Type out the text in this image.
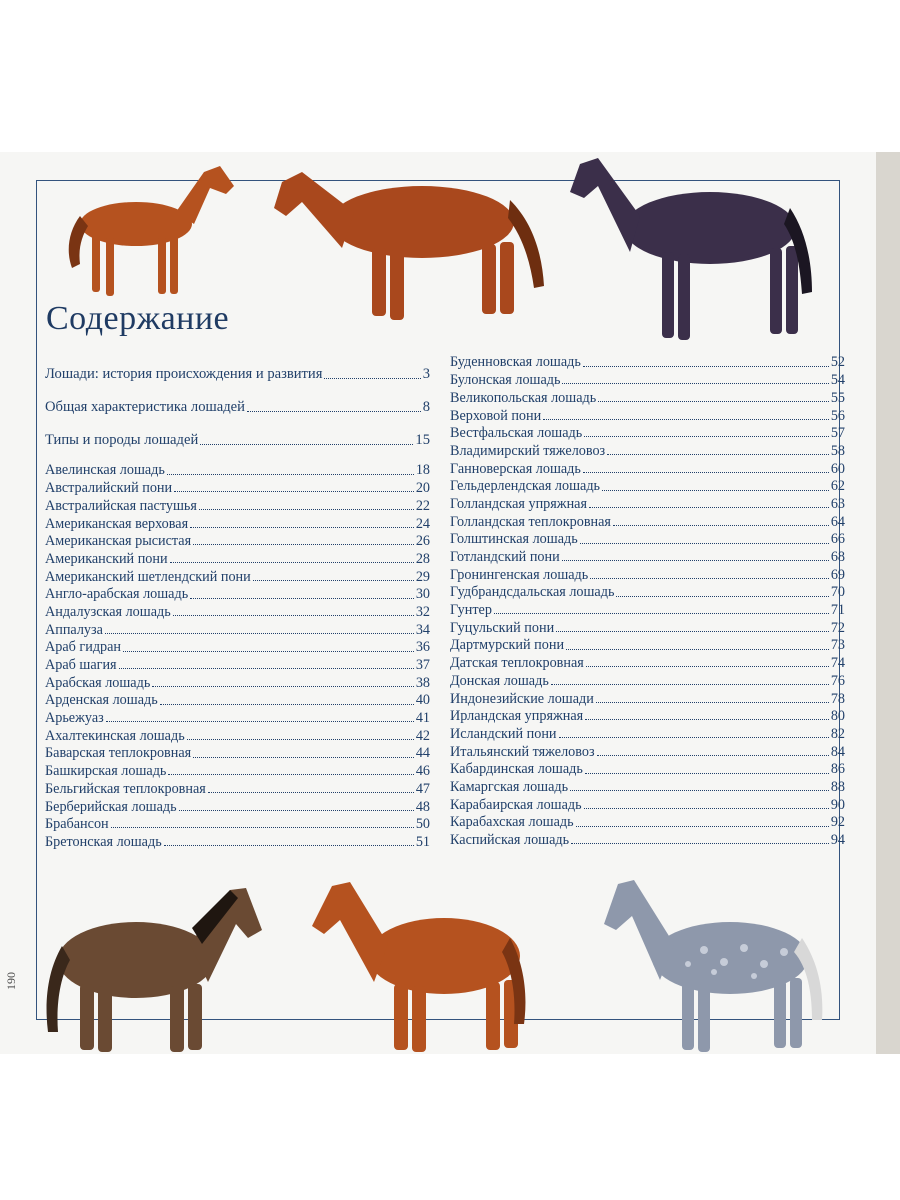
Содержание
Лошади: история происхождения и развития	3
Общая характеристика лошадей	8
Типы и породы лошадей	15
Авелинская лошадь	18
Австралийский пони	20
Австралийская пастушья	22
Американская верховая	24
Американская рысистая	26
Американский пони	28
Американский шетлендский пони	29
Англо-арабская лошадь	30
Андалузская лошадь	32
Аппалуза	34
Араб гидран	36
Араб шагия	37
Арабская лошадь	38
Арденская лошадь	40
Арьежуаз	41
Ахалтекинская лошадь	42
Баварская теплокровная	44
Башкирская лошадь	46
Бельгийская теплокровная	47
Берберийская лошадь	48
Брабансон	50
Бретонская лошадь	51
Буденновская лошадь	52
Булонская лошадь	54
Великопольская лошадь	55
Верховой пони	56
Вестфальская лошадь	57
Владимирский тяжеловоз	58
Ганноверская лошадь	60
Гельдерлендская лошадь	62
Голландская упряжная	63
Голландская теплокровная	64
Голштинская лошадь	66
Готландский пони	68
Гронингенская лошадь	69
Гудбрандсдальская лошадь	70
Гунтер	71
Гуцульский пони	72
Дартмурский пони	73
Датская теплокровная	74
Донская лошадь	76
Индонезийские лошади	78
Ирландская упряжная	80
Исландский пони	82
Итальянский тяжеловоз	84
Кабардинская лошадь	86
Камаргская лошадь	88
Карабаирская лошадь	90
Карабахская лошадь	92
Каспийская лошадь	94
190
